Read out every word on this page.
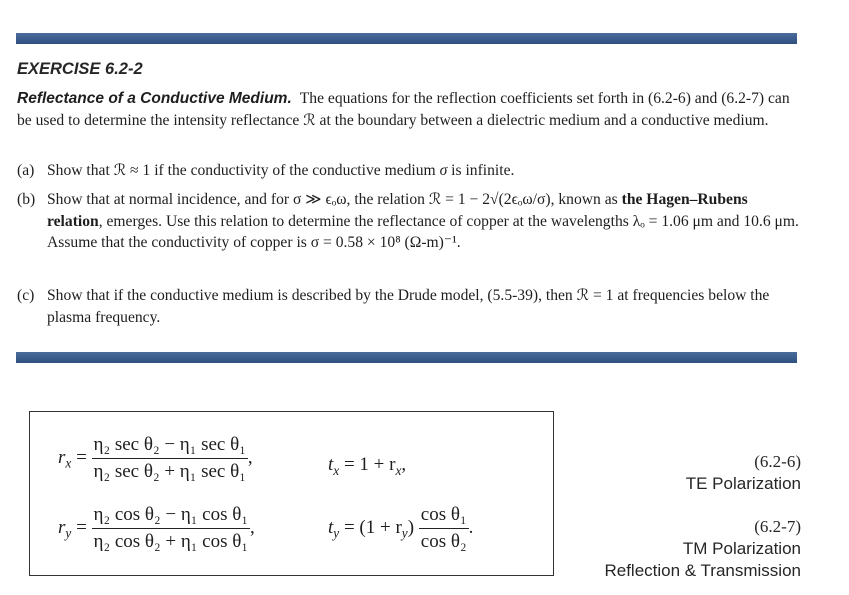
EXERCISE 6.2-2

Reflectance of a Conductive Medium. The equations for the reflection coefficients set forth in (6.2-6) and (6.2-7) can be used to determine the intensity reflectance ℛ at the boundary between a dielectric medium and a conductive medium.

(a) Show that ℛ ≈ 1 if the conductivity of the conductive medium σ is infinite.
(b) Show that at normal incidence, and for σ ≫ ϵₒω, the relation ℛ = 1 − 2√(2ϵₒω/σ), known as the Hagen–Rubens relation, emerges. Use this relation to determine the reflectance of copper at the wavelengths λₒ = 1.06 μm and 10.6 μm. Assume that the conductivity of copper is σ = 0.58 × 10⁸ (Ω-m)⁻¹.
(c) Show that if the conductive medium is described by the Drude model, (5.5-39), then ℛ = 1 at frequencies below the plasma frequency.
$r_x = \frac{\text{η₂ sec θ₂ − η₁ sec θ₁}}{\text{η₂ sec θ₂ + η₁ sec θ₁}}$ ,	$t_x = 1 + r_x$,
$r_y = \frac{\text{η₂ cos θ₂ − η₁ cos θ₁}}{\text{η₂ cos θ₂ + η₁ cos θ₁}}$ ,	$t_y = (1 + r_y) \frac{\text{cos θ₁}}{\text{cos θ₂}}$ .
(6.2-6)
TE Polarization
(6.2-7)
TM Polarization
Reflection & Transmission
